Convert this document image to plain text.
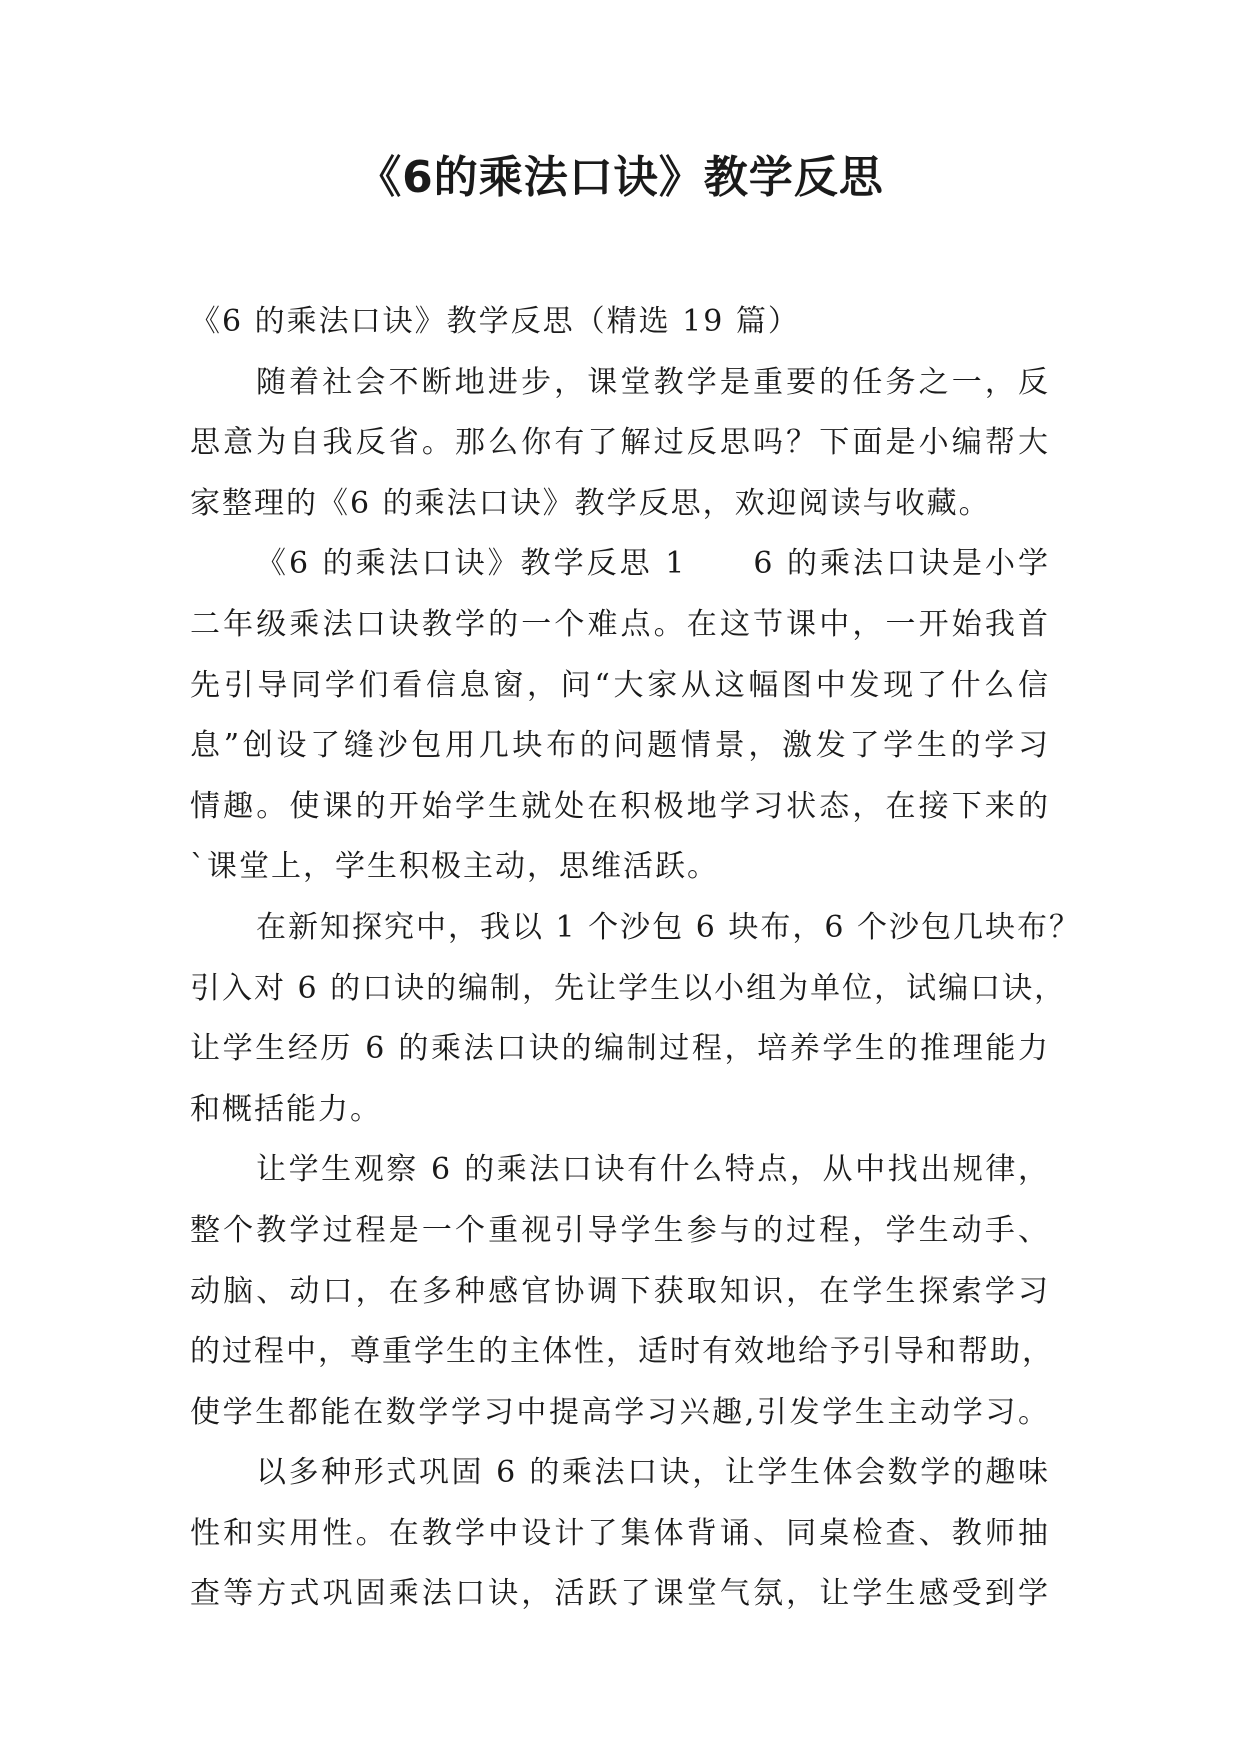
《6的乘法口诀》教学反思
《6 的乘法口诀》教学反思（精选 19 篇）
随着社会不断地进步，课堂教学是重要的任务之一，反
思意为自我反省。那么你有了解过反思吗？下面是小编帮大
家整理的《6 的乘法口诀》教学反思，欢迎阅读与收藏。
《6 的乘法口诀》教学反思 1　　6 的乘法口诀是小学
二年级乘法口诀教学的一个难点。在这节课中，一开始我首
先引导同学们看信息窗，问“大家从这幅图中发现了什么信
息”创设了缝沙包用几块布的问题情景，激发了学生的学习
情趣。使课的开始学生就处在积极地学习状态，在接下来的
`课堂上，学生积极主动，思维活跃。
在新知探究中，我以 1 个沙包 6 块布，6 个沙包几块布？
引入对 6 的口诀的编制，先让学生以小组为单位，试编口诀，
让学生经历 6 的乘法口诀的编制过程，培养学生的推理能力
和概括能力。
让学生观察 6 的乘法口诀有什么特点，从中找出规律，
整个教学过程是一个重视引导学生参与的过程，学生动手、
动脑、动口，在多种感官协调下获取知识，在学生探索学习
的过程中，尊重学生的主体性，适时有效地给予引导和帮助，
使学生都能在数学学习中提高学习兴趣,引发学生主动学习。
以多种形式巩固 6 的乘法口诀，让学生体会数学的趣味
性和实用性。在教学中设计了集体背诵、同桌检查、教师抽
查等方式巩固乘法口诀，活跃了课堂气氛，让学生感受到学
